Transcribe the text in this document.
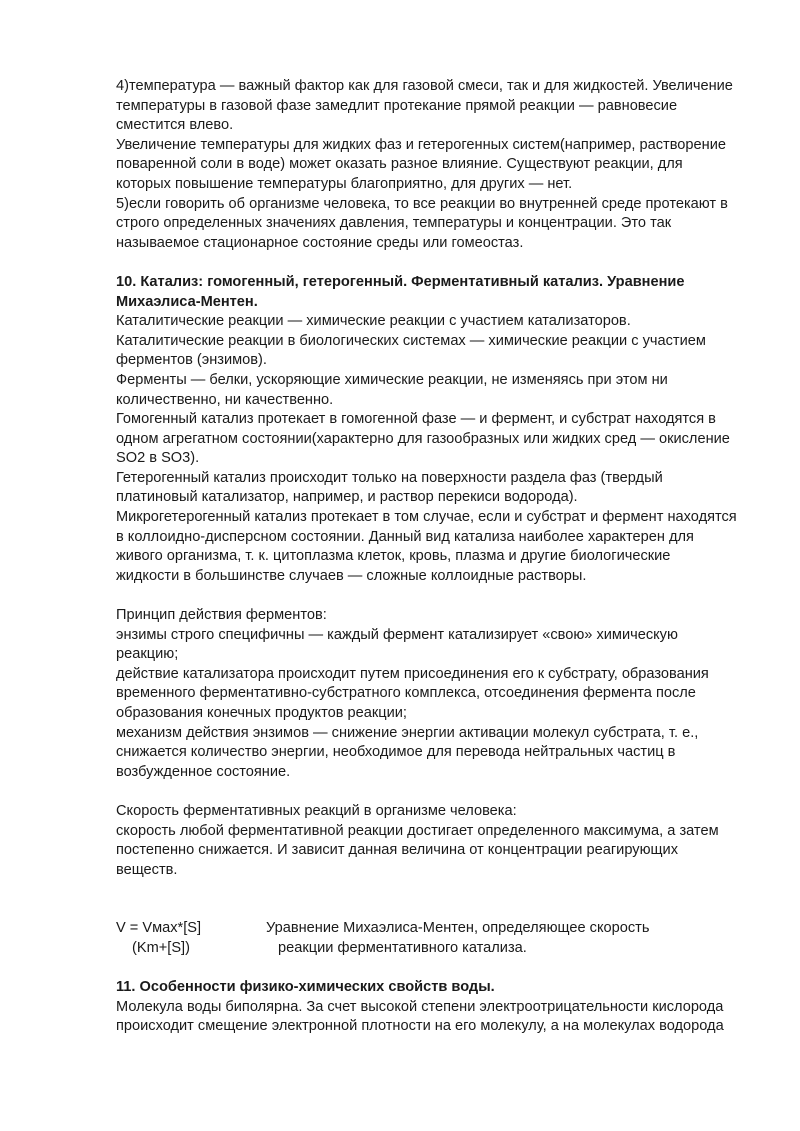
4)температура — важный фактор как для газовой смеси, так и для жидкостей. Увеличение

температуры в газовой фазе замедлит протекание прямой реакции — равновесие

сместится влево.

Увеличение температуры для жидких фаз и гетерогенных систем(например, растворение

поваренной соли в воде) может оказать разное влияние. Существуют реакции, для

которых повышение температуры благоприятно, для других — нет.

5)если говорить об организме человека, то все реакции во внутренней среде протекают в

строго определенных значениях давления, температуры и концентрации. Это так

называемое стационарное состояние среды или гомеостаз.

10. Катализ: гомогенный, гетерогенный. Ферментативный катализ. Уравнение

Михаэлиса-Ментен.

Каталитические реакции — химические реакции с участием катализаторов.

Каталитические реакции в биологических системах — химические реакции с участием

ферментов (энзимов).

Ферменты — белки, ускоряющие химические реакции, не изменяясь при этом ни

количественно, ни качественно.

Гомогенный катализ протекает в гомогенной фазе — и фермент, и субстрат находятся в

одном агрегатном состоянии(характерно для газообразных или жидких сред — окисление

SO2 в SO3).

Гетерогенный катализ происходит только на поверхности раздела фаз (твердый

платиновый катализатор, например, и раствор перекиси водорода).

Микрогетерогенный катализ протекает в том случае, если и субстрат и фермент находятся

в коллоидно-дисперсном состоянии. Данный вид катализа наиболее характерен для

живого организма, т. к. цитоплазма клеток, кровь, плазма и другие биологические

жидкости в большинстве случаев — сложные коллоидные растворы.

Принцип действия ферментов:

энзимы строго специфичны — каждый фермент катализирует «свою» химическую

реакцию;

действие катализатора происходит путем присоединения его к субстрату, образования

временного ферментативно-субстратного комплекса, отсоединения фермента после

образования конечных продуктов реакции;

механизм действия энзимов — снижение энергии активации молекул субстрата, т. е.,

снижается количество энергии, необходимое для перевода нейтральных частиц в

возбужденное состояние.

Скорость ферментативных реакций в организме человека:

скорость любой ферментативной реакции достигает определенного максимума, а затем

постепенно снижается. И зависит данная величина от концентрации реагирующих

веществ.

V = Vмax*[S]
(Km+[S])
Уравнение Михаэлиса-Ментен, определяющее скорость
реакции ферментативного катализа.

11. Особенности физико-химических свойств воды.

Молекула воды биполярна. За счет высокой степени электроотрицательности кислорода

происходит смещение электронной плотности на его молекулу, а на молекулах водорода
